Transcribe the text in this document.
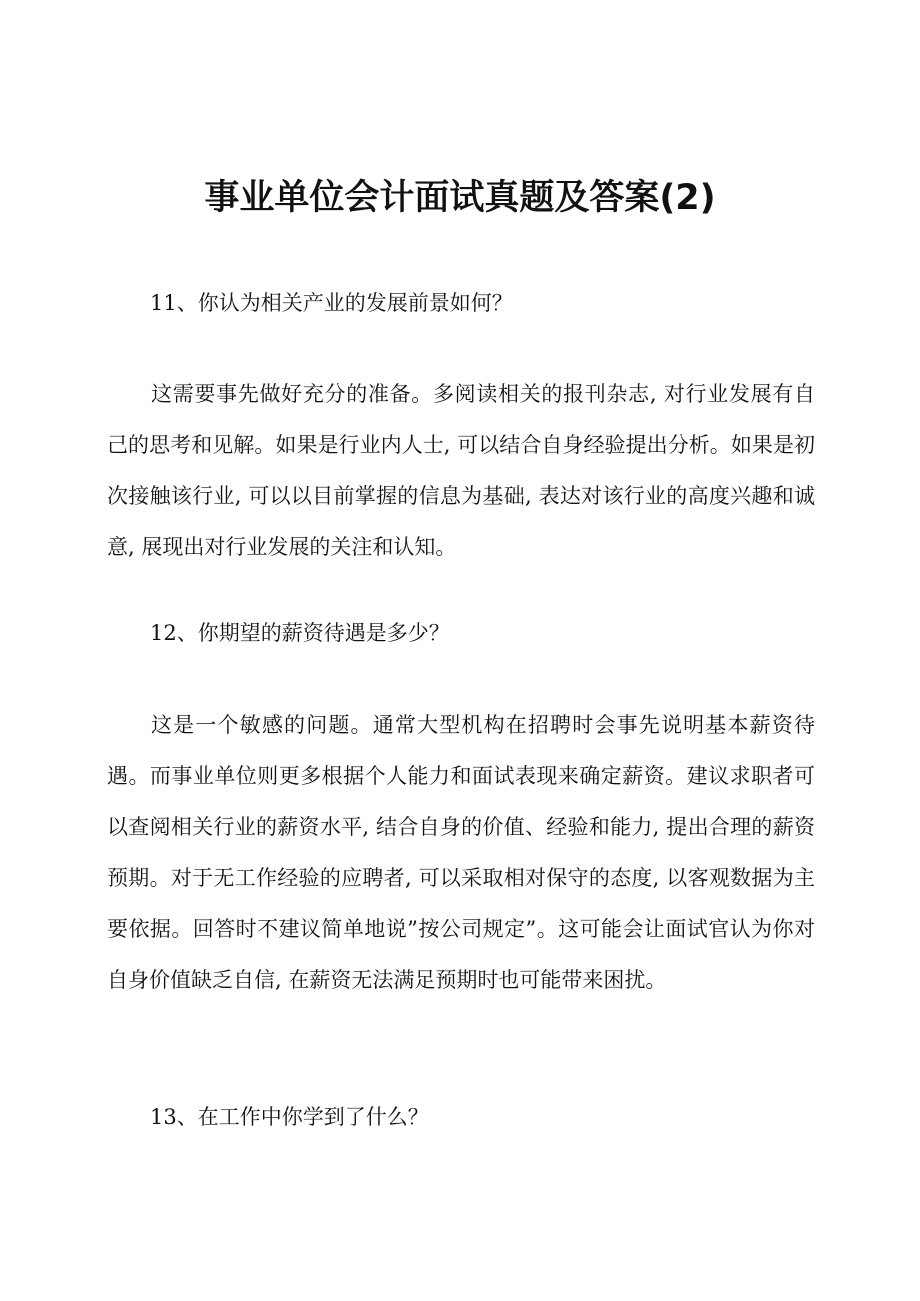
事业单位会计面试真题及答案(2)
11、你认为相关产业的发展前景如何？

这需要事先做好充分的准备。多阅读相关的报刊杂志, 对行业发展有自己的思考和见解。如果是行业内人士, 可以结合自身经验提出分析。如果是初次接触该行业, 可以以目前掌握的信息为基础, 表达对该行业的高度兴趣和诚意, 展现出对行业发展的关注和认知。

12、你期望的薪资待遇是多少？

这是一个敏感的问题。通常大型机构在招聘时会事先说明基本薪资待遇。而事业单位则更多根据个人能力和面试表现来确定薪资。建议求职者可以查阅相关行业的薪资水平, 结合自身的价值、经验和能力, 提出合理的薪资预期。对于无工作经验的应聘者, 可以采取相对保守的态度, 以客观数据为主要依据。回答时不建议简单地说”按公司规定”。这可能会让面试官认为你对自身价值缺乏自信, 在薪资无法满足预期时也可能带来困扰。

13、在工作中你学到了什么？
